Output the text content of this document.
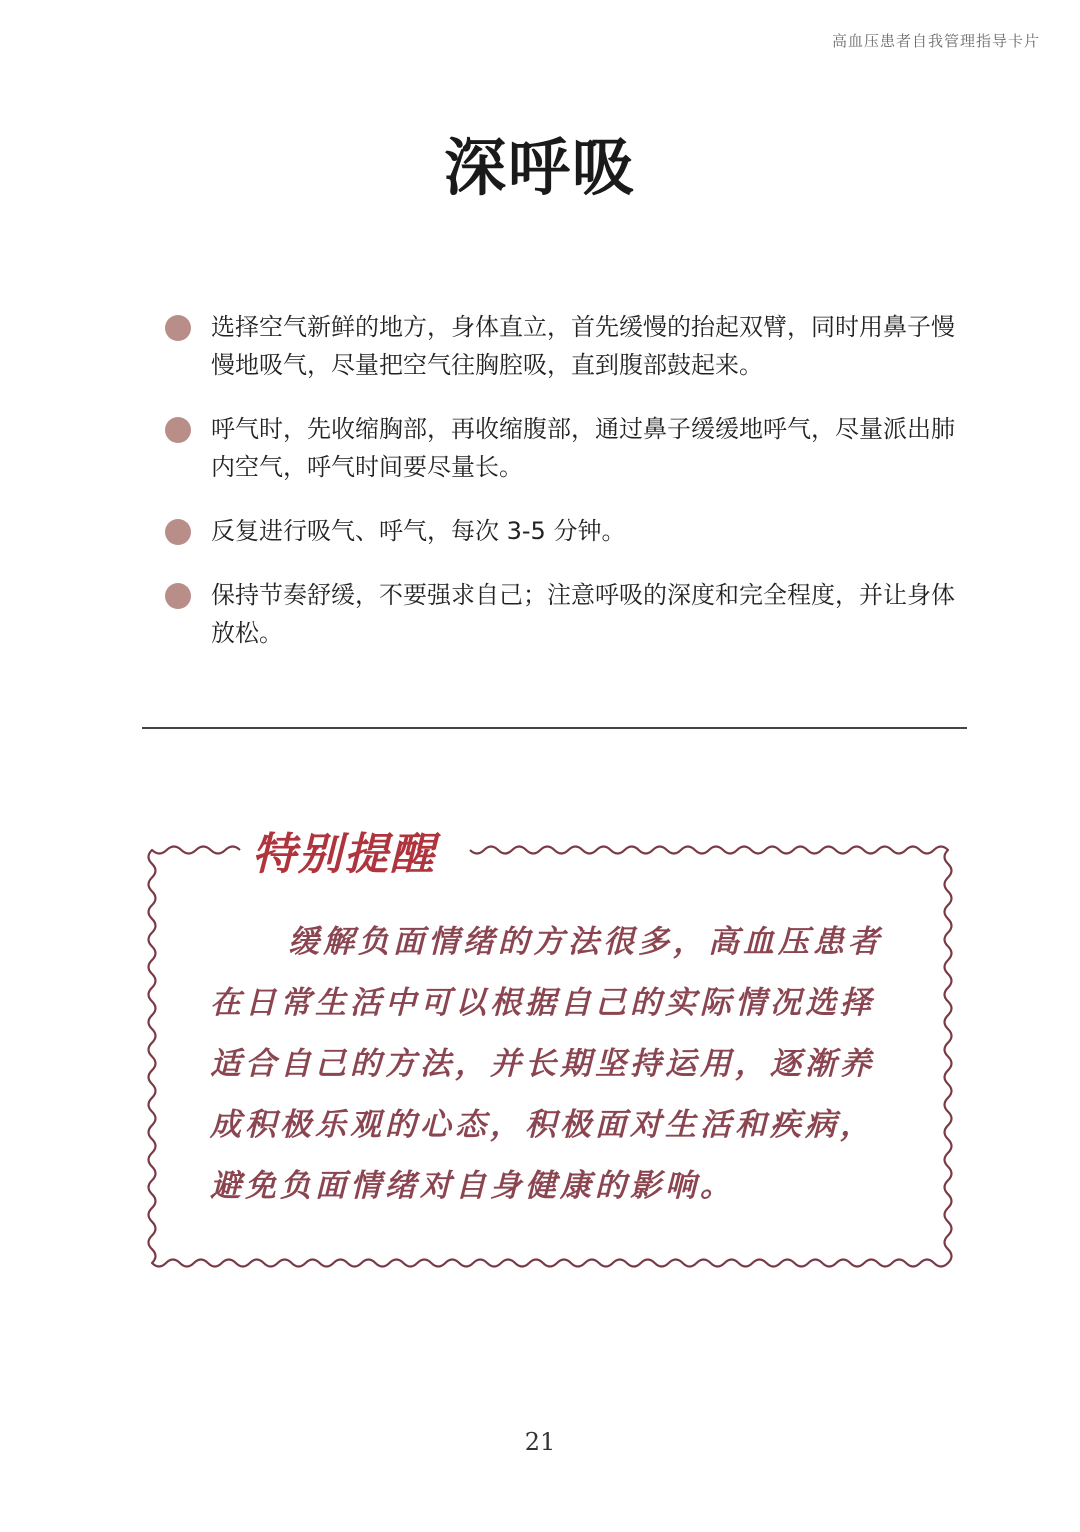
高血压患者自我管理指导卡片
深呼吸
选择空气新鲜的地方，身体直立，首先缓慢的抬起双臂，同时用鼻子慢慢地吸气，尽量把空气往胸腔吸，直到腹部鼓起来。
呼气时，先收缩胸部，再收缩腹部，通过鼻子缓缓地呼气，尽量派出肺内空气，呼气时间要尽量长。
反复进行吸气、呼气，每次 3-5 分钟。
保持节奏舒缓，不要强求自己；注意呼吸的深度和完全程度，并让身体放松。
特别提醒

缓解负面情绪的方法很多，高血压患者在日常生活中可以根据自己的实际情况选择适合自己的方法，并长期坚持运用，逐渐养成积极乐观的心态，积极面对生活和疾病，避免负面情绪对自身健康的影响。

21
